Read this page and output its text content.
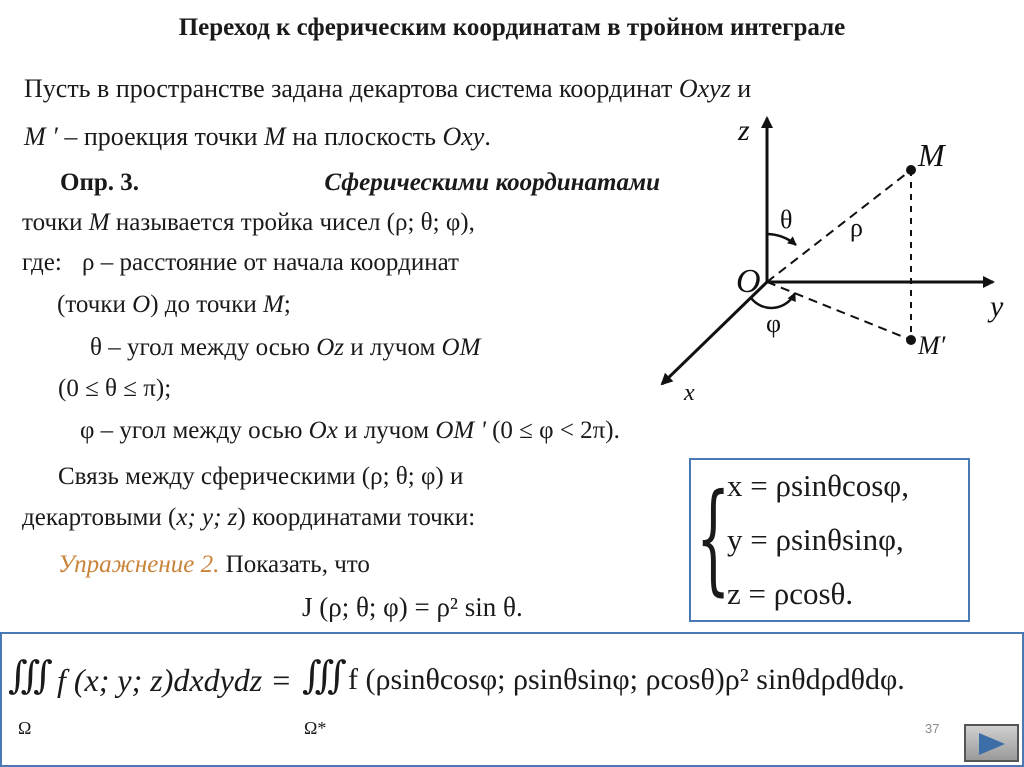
Переход к сферическим координатам в тройном интеграле
Пусть в пространстве задана декартова система координат Oxyz и
M ′ – проекция точки M на плоскость Oxy.
Опр. 3.	Сферическими координатами
точки M называется тройка чисел (ρ; θ; φ),
где: ρ – расстояние от начала координат
(точки O) до точки M;
θ – угол между осью Oz и лучом OM
(0 ≤ θ ≤ π);
φ – угол между осью Ox и лучом OM ' (0 ≤ φ < 2π).
Связь между сферическими (ρ; θ; φ) и
декартовыми (x; y; z) координатами точки: {
x = ρsinθcosφ,
y = ρsinθsinφ,
z = ρcosθ.
Упражнение 2. Показать, что
J (ρ; θ; φ) = ρ² sin θ.
∭
Ω
f (x; y; z)dxdydz = ∭
Ω*
f (ρsinθcosφ; ρsinθsinφ; ρcosθ)ρ² sinθdρdθdφ.
z
y
x
O
M
M′
θ ρ
φ
37
